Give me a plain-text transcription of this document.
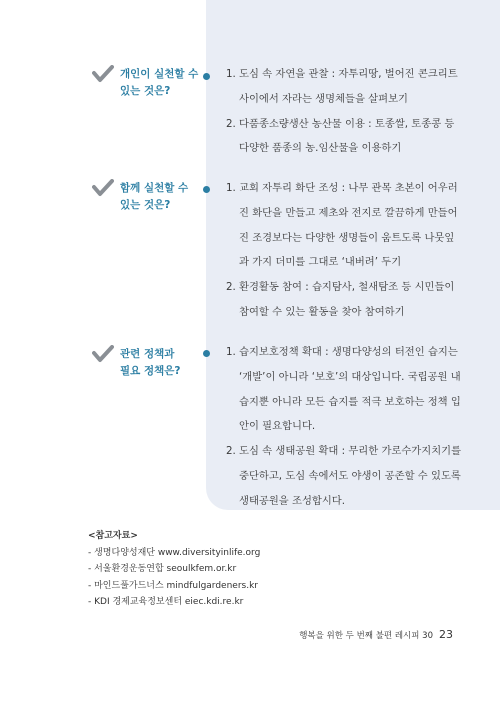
개인이 실천할 수
있는 것은?
1. 도심 속 자연을 관찰 : 자투리땅, 벌어진 콘크리트 사이에서 자라는 생명체들을 살펴보기
2. 다품종소량생산 농산물 이용 : 토종쌀, 토종콩 등 다양한 품종의 농.임산물을 이용하기
함께 실천할 수
있는 것은?
1. 교회 자투리 화단 조성 : 나무 관목 초본이 어우러진 화단을 만들고 제초와 전지로 깔끔하게 만들어진 조경보다는 다양한 생명들이 움트도록 나뭇잎과 가지 더미를 그대로 ‘내버려’ 두기
2. 환경활동 참여 : 습지탐사, 철새탐조 등 시민들이 참여할 수 있는 활동을 찾아 참여하기
관련 정책과
필요 정책은?
1. 습지보호정책 확대 : 생명다양성의 터전인 습지는 ‘개발’이 아니라 ‘보호’의 대상입니다. 국립공원 내 습지뿐 아니라 모든 습지를 적극 보호하는 정책 입안이 필요합니다.
2. 도심 속 생태공원 확대 : 무리한 가로수가지치기를 중단하고, 도심 속에서도 야생이 공존할 수 있도록 생태공원을 조성합시다.
<참고자료>
- 생명다양성재단 www.diversityinlife.org
- 서울환경운동연합 seoulkfem.or.kr
- 마인드풀가드너스 mindfulgardeners.kr
- KDI 경제교육정보센터 eiec.kdi.re.kr
행복을 위한 두 번째 불편 레시피 30 23
